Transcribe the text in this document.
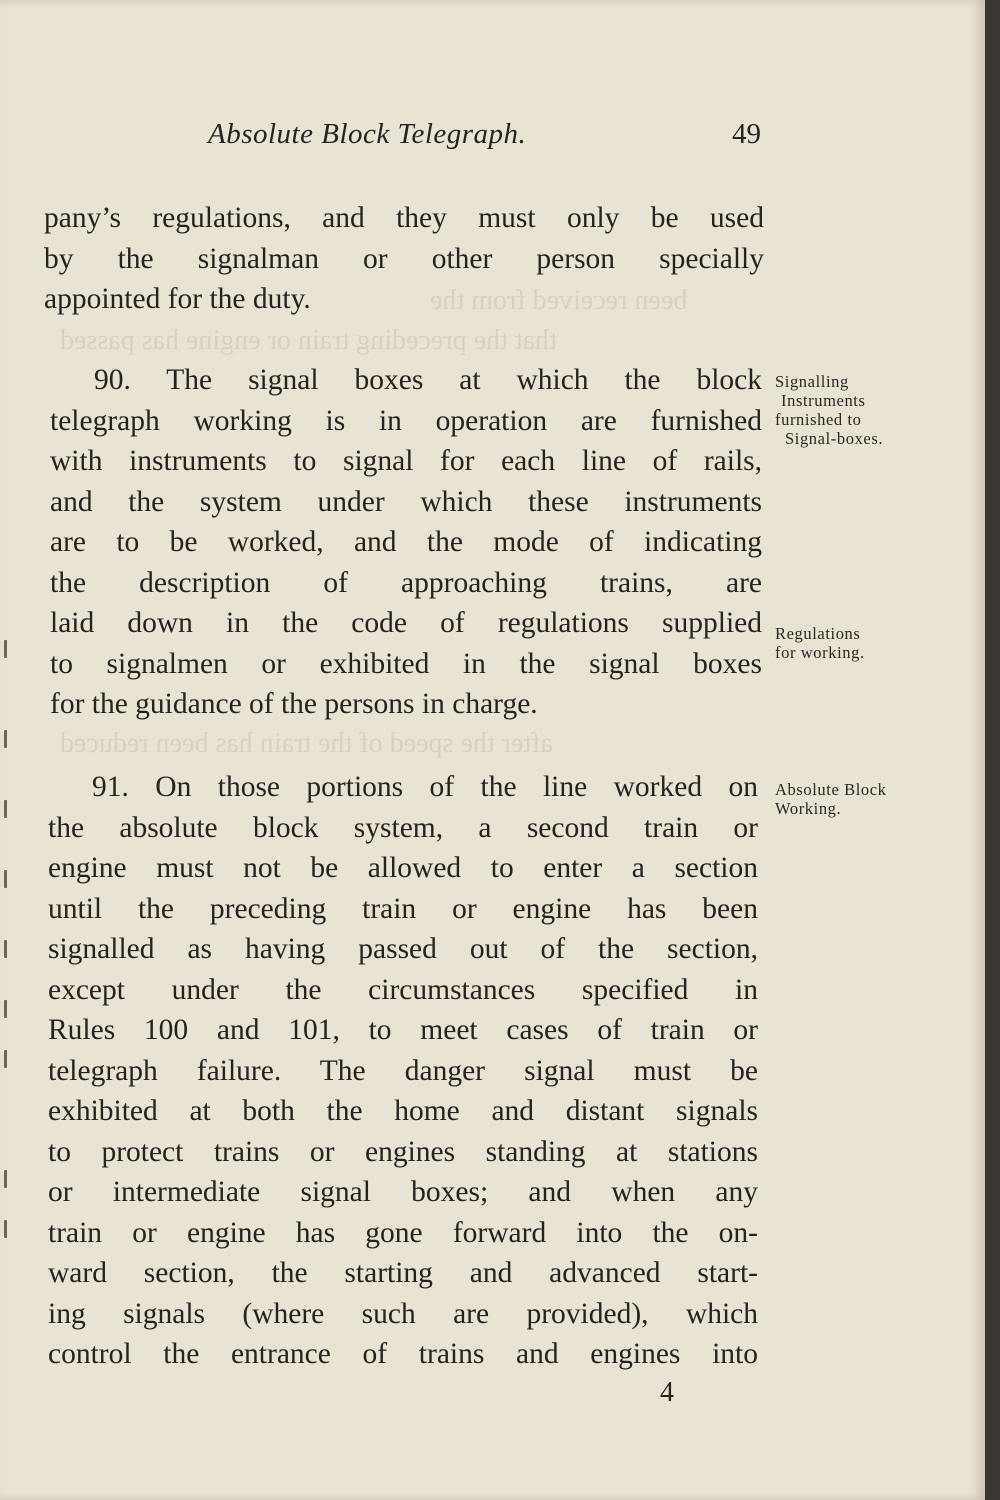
been received from the
that the preceding train or engine has passed
after the speed of the train has been reduced
Absolute Block Telegraph.	49
pany’s regulations, and they must only be used
by the signalman or other person specially
appointed for the duty.
90. The signal boxes at which the block
telegraph working is in operation are furnished
with instruments to signal for each line of rails,
and the system under which these instruments
are to be worked, and the mode of indicating
the description of approaching trains, are
laid down in the code of regulations supplied
to signalmen or exhibited in the signal boxes
for the guidance of the persons in charge.
91. On those portions of the line worked on
the absolute block system, a second train or
engine must not be allowed to enter a section
until the preceding train or engine has been
signalled as having passed out of the section,
except under the circumstances specified in
Rules 100 and 101, to meet cases of train or
telegraph failure. The danger signal must be
exhibited at both the home and distant signals
to protect trains or engines standing at stations
or intermediate signal boxes; and when any
train or engine has gone forward into the on-
ward section, the starting and advanced start-
ing signals (where such are provided), which
control the entrance of trains and engines into
Signalling
Instruments
furnished to
Signal-boxes.
Regulations
for working.
Absolute Block
Working.
4
